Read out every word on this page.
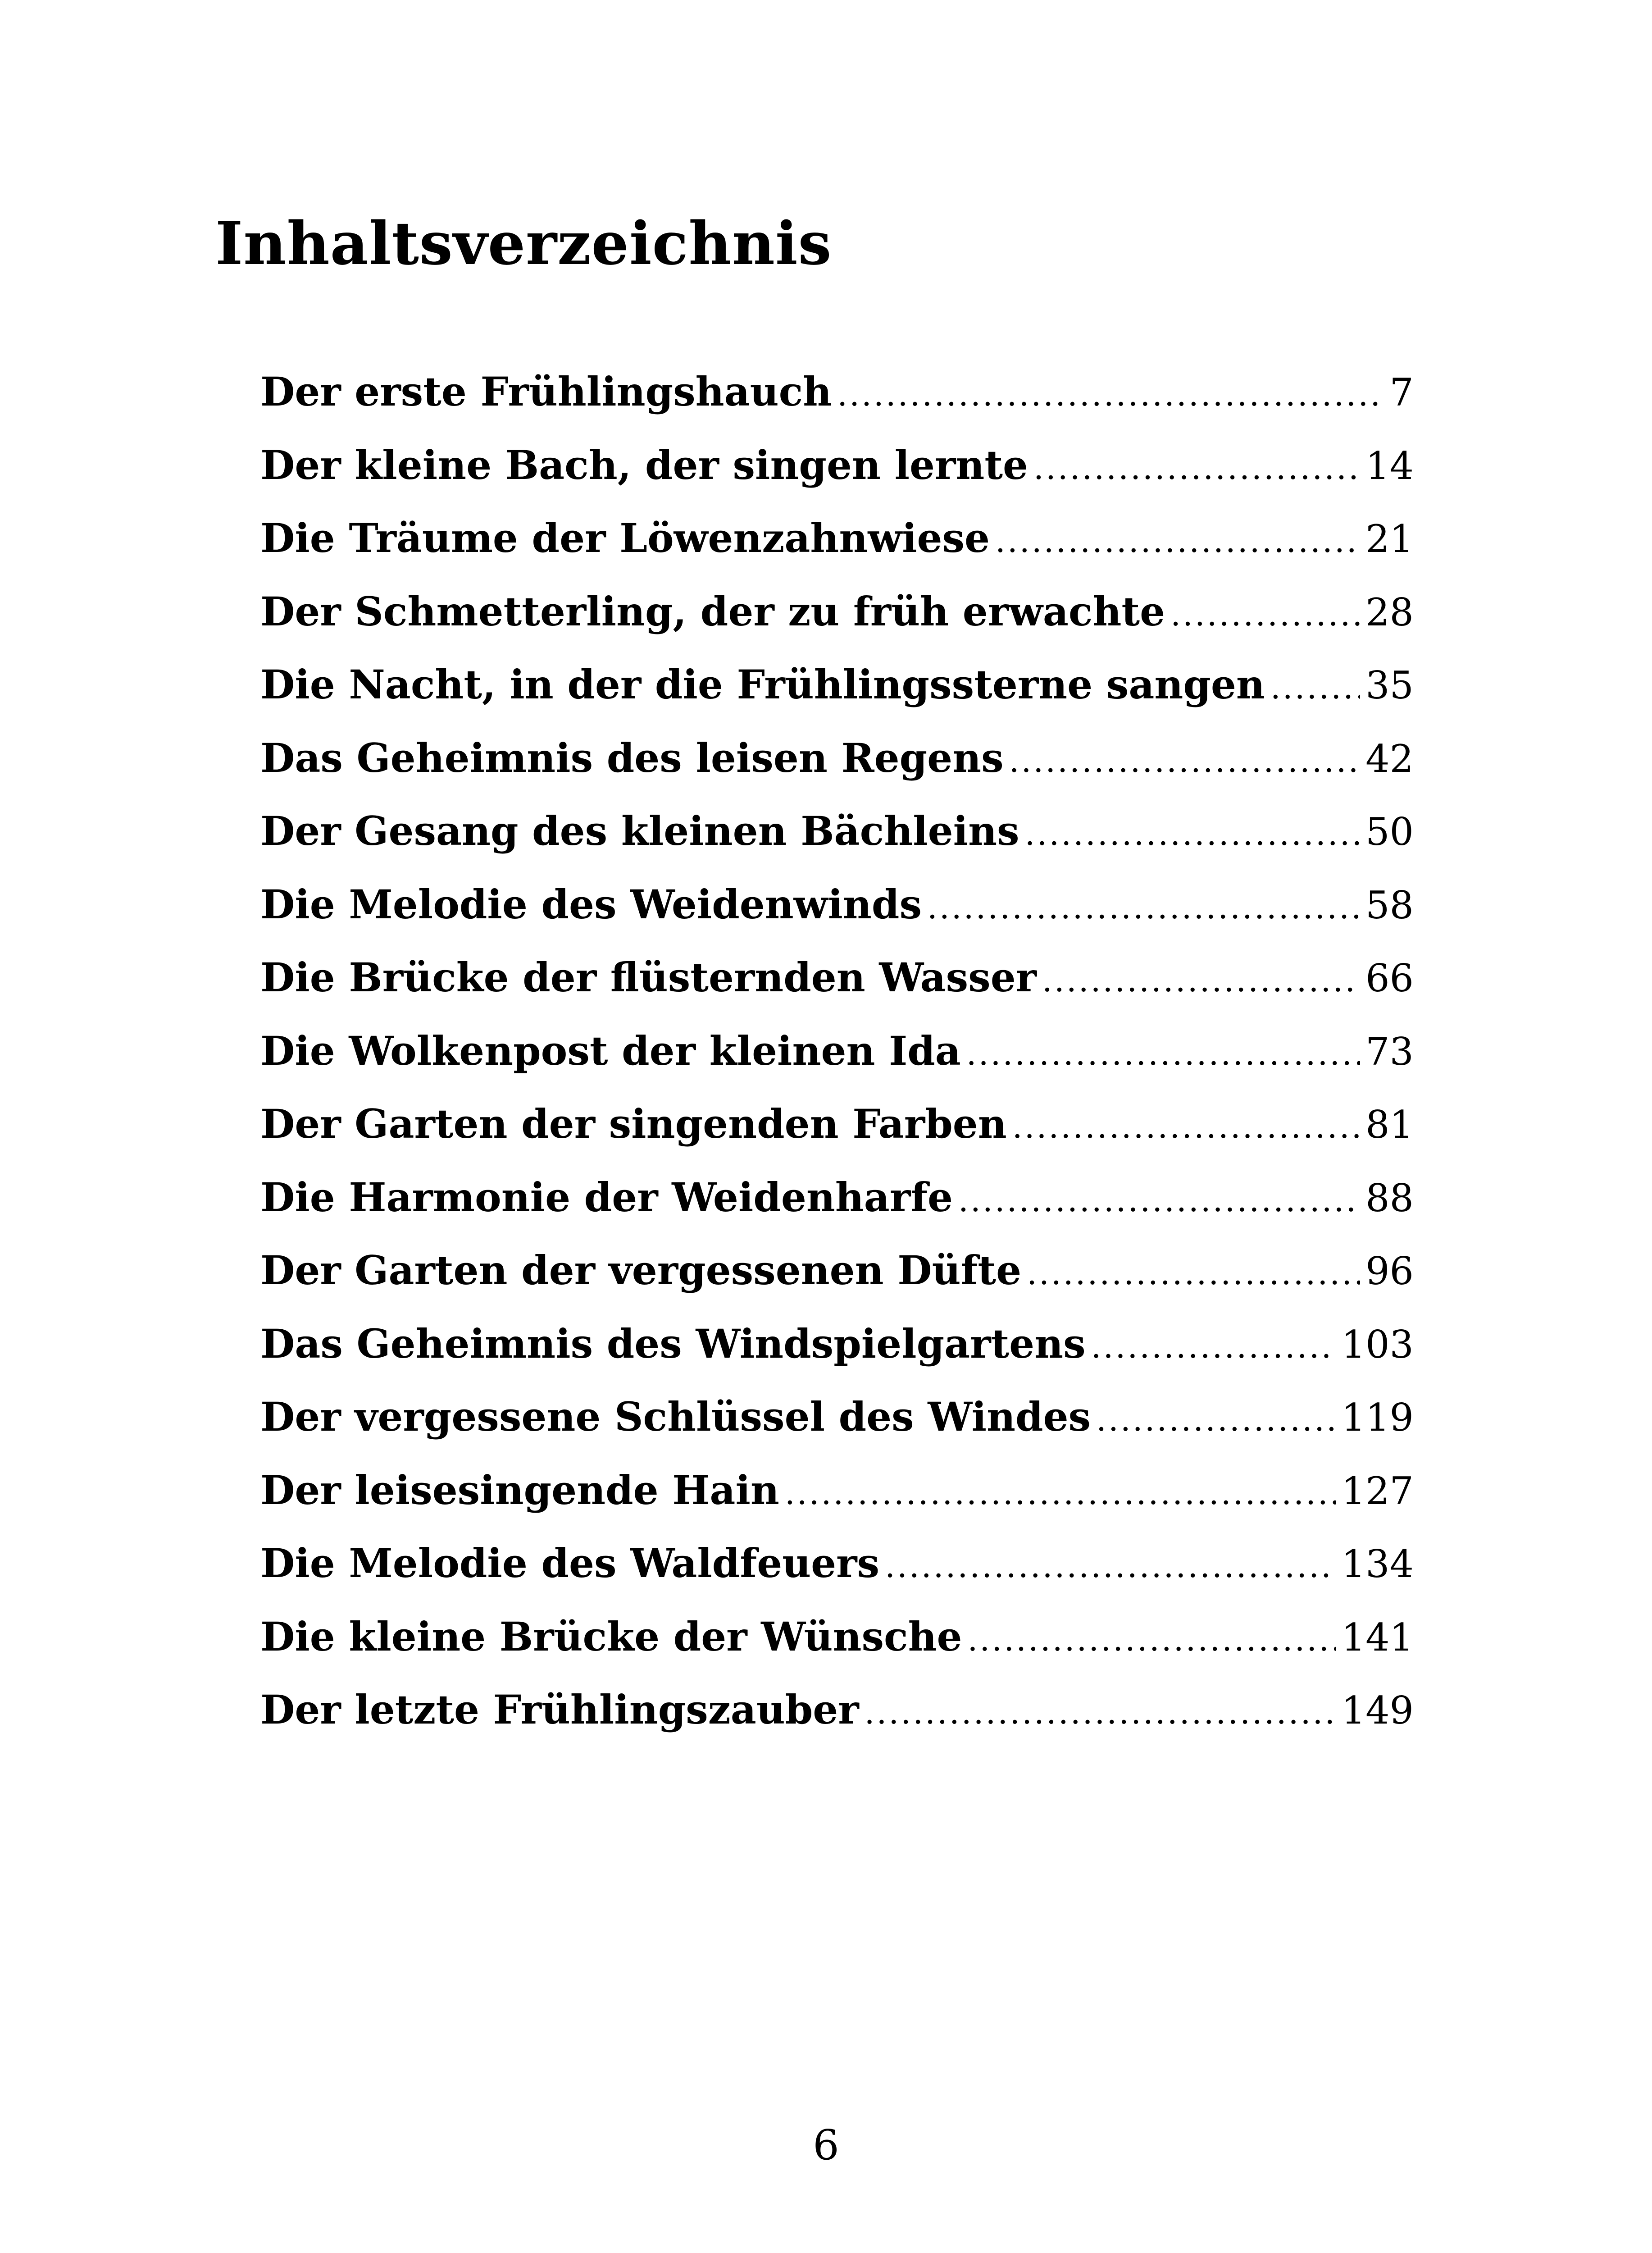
Inhaltsverzeichnis
Der erste Frühlingshauch .....	7
Der kleine Bach, der singen lernte .....	14
Die Träume der Löwenzahnwiese .....	21
Der Schmetterling, der zu früh erwachte .....	28
Die Nacht, in der die Frühlingssterne sangen .....	35
Das Geheimnis des leisen Regens .....	42
Der Gesang des kleinen Bächleins .....	50
Die Melodie des Weidenwinds .....	58
Die Brücke der flüsternden Wasser .....	66
Die Wolkenpost der kleinen Ida .....	73
Der Garten der singenden Farben .....	81
Die Harmonie der Weidenharfe .....	88
Der Garten der vergessenen Düfte .....	96
Das Geheimnis des Windspielgartens .....	103
Der vergessene Schlüssel des Windes .....	119
Der leisesingende Hain .....	127
Die Melodie des Waldfeuers .....	134
Die kleine Brücke der Wünsche .....	141
Der letzte Frühlingszauber .....	149
6
